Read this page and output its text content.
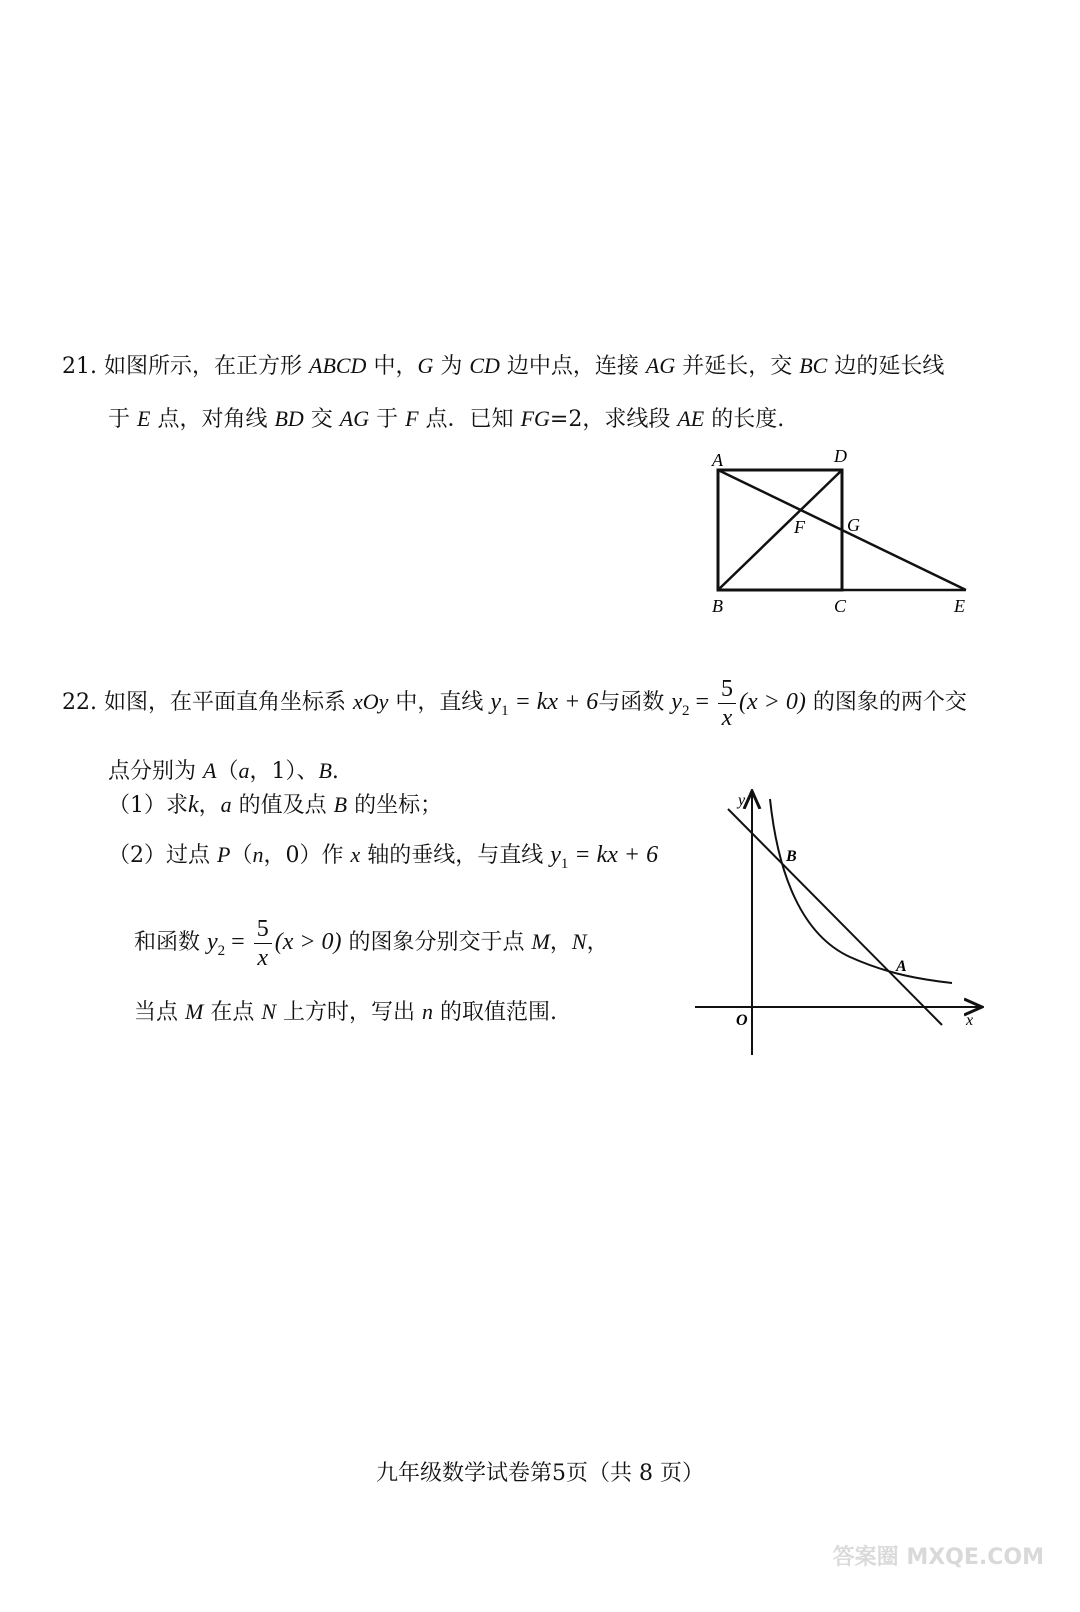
21. 如图所示，在正方形 ABCD 中，G 为 CD 边中点，连接 AG 并延长，交 BC 边的延长线
于 E 点，对角线 BD 交 AG 于 F 点．已知 FG=2，求线段 AE 的长度.
A	D
F G
B	C	E
22. 如图，在平面直角坐标系 xOy 中，直线 $y_1$ = kx + 6与函数 $y_2 = \frac{5}{x} (x > 0)$ 的图象的两个交
点分别为 A（a，1）、B.
（1）求k，a 的值及点 B 的坐标；
（2）过点 P（n，0）作 x 轴的垂线，与直线 $y_1$ = kx + 6
和函数 $y_2 = \frac{5}{x} (x > 0)$ 的图象分别交于点 M，N，
当点 M 在点 N 上方时，写出 n 的取值范围.
y
x
O
B
A
九年级数学试卷第5页（共 8 页）
答案圈 MXQE.COM
